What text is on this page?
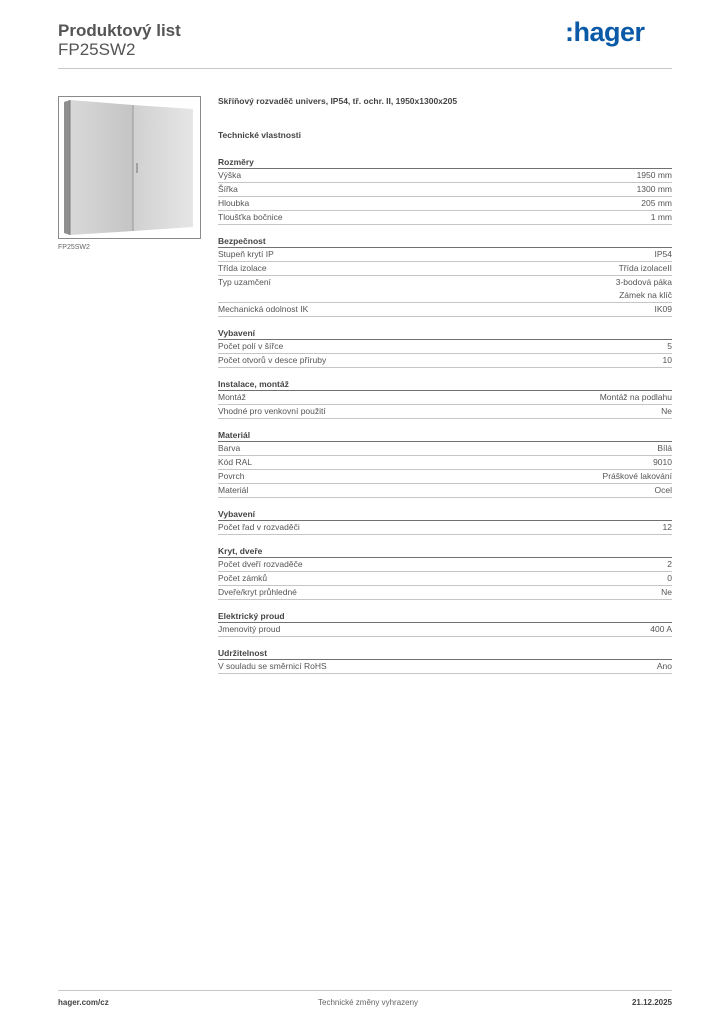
Produktový list
FP25SW2
:hager
FP25SW2
Skříňový rozvaděč univers, IP54, tř. ochr. II, 1950x1300x205
Technické vlastnosti
Rozměry
Výška	1950 mm
Šířka	1300 mm
Hloubka	205 mm
Tloušťka bočnice	1 mm
Bezpečnost
Stupeň krytí IP	IP54
Třída izolace	Třída izolaceII
Typ uzamčení	3-bodová páka
Zámek na klíč
Mechanická odolnost IK	IK09
Vybavení
Počet polí v šířce	5
Počet otvorů v desce příruby	10
Instalace, montáž
Montáž	Montáž na podlahu
Vhodné pro venkovní použití	Ne
Materiál
Barva	Bílá
Kód RAL	9010
Povrch	Práškové lakování
Materiál	Ocel
Vybavení
Počet řad v rozvaděči	12
Kryt, dveře
Počet dveří rozvaděče	2
Počet zámků	0
Dveře/kryt průhledné	Ne
Elektrický proud
Jmenovitý proud	400 A
Udržitelnost
V souladu se směrnicí RoHS	Ano
hager.com/cz	Technické změny vyhrazeny	21.12.2025
